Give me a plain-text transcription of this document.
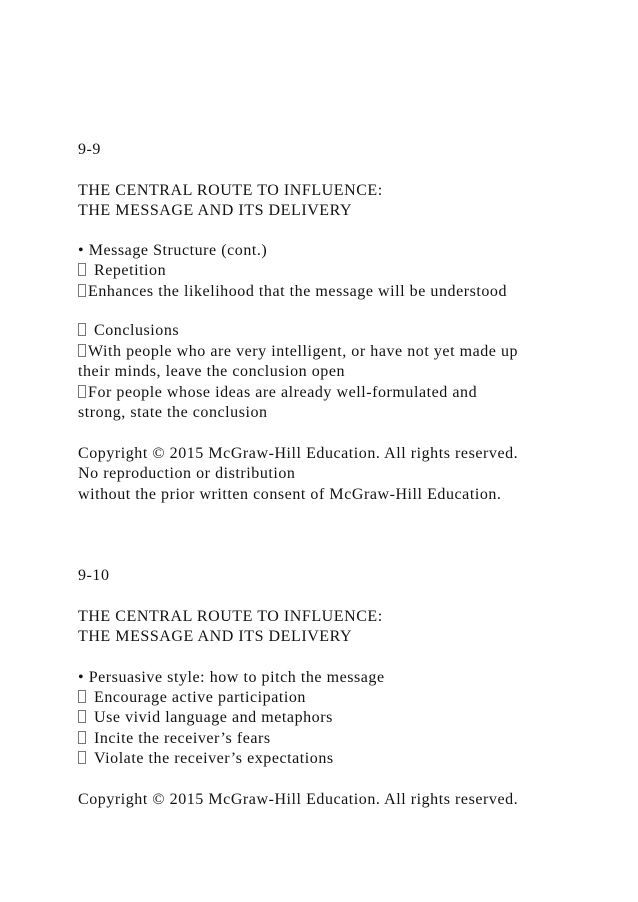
9-9
THE CENTRAL ROUTE TO INFLUENCE:
THE MESSAGE AND ITS DELIVERY
• Message Structure (cont.)
Repetition
Enhances the likelihood that the message will be understood
Conclusions
With people who are very intelligent, or have not yet made up
their minds, leave the conclusion open
For people whose ideas are already well-formulated and
strong, state the conclusion
Copyright © 2015 McGraw-Hill Education. All rights reserved.
No reproduction or distribution
without the prior written consent of McGraw-Hill Education.
9-10
THE CENTRAL ROUTE TO INFLUENCE:
THE MESSAGE AND ITS DELIVERY
• Persuasive style: how to pitch the message
Encourage active participation
Use vivid language and metaphors
Incite the receiver’s fears
Violate the receiver’s expectations
Copyright © 2015 McGraw-Hill Education. All rights reserved.
